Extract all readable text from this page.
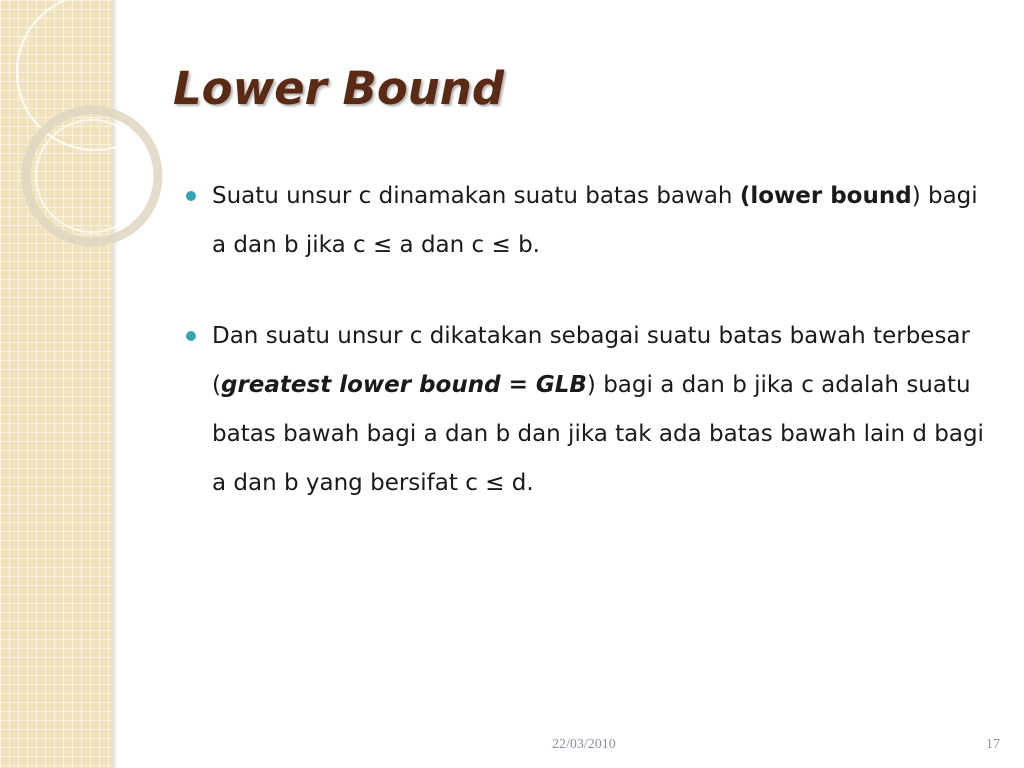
Lower Bound
Suatu unsur c dinamakan suatu batas bawah (lower bound) bagi a dan b jika c ≤ a dan c ≤ b.
Dan suatu unsur c dikatakan sebagai suatu batas bawah terbesar (greatest lower bound = GLB) bagi a dan b jika c adalah suatu batas bawah bagi a dan b dan jika tak ada batas bawah lain d bagi a dan b yang bersifat c ≤ d.
22/03/2010	17
